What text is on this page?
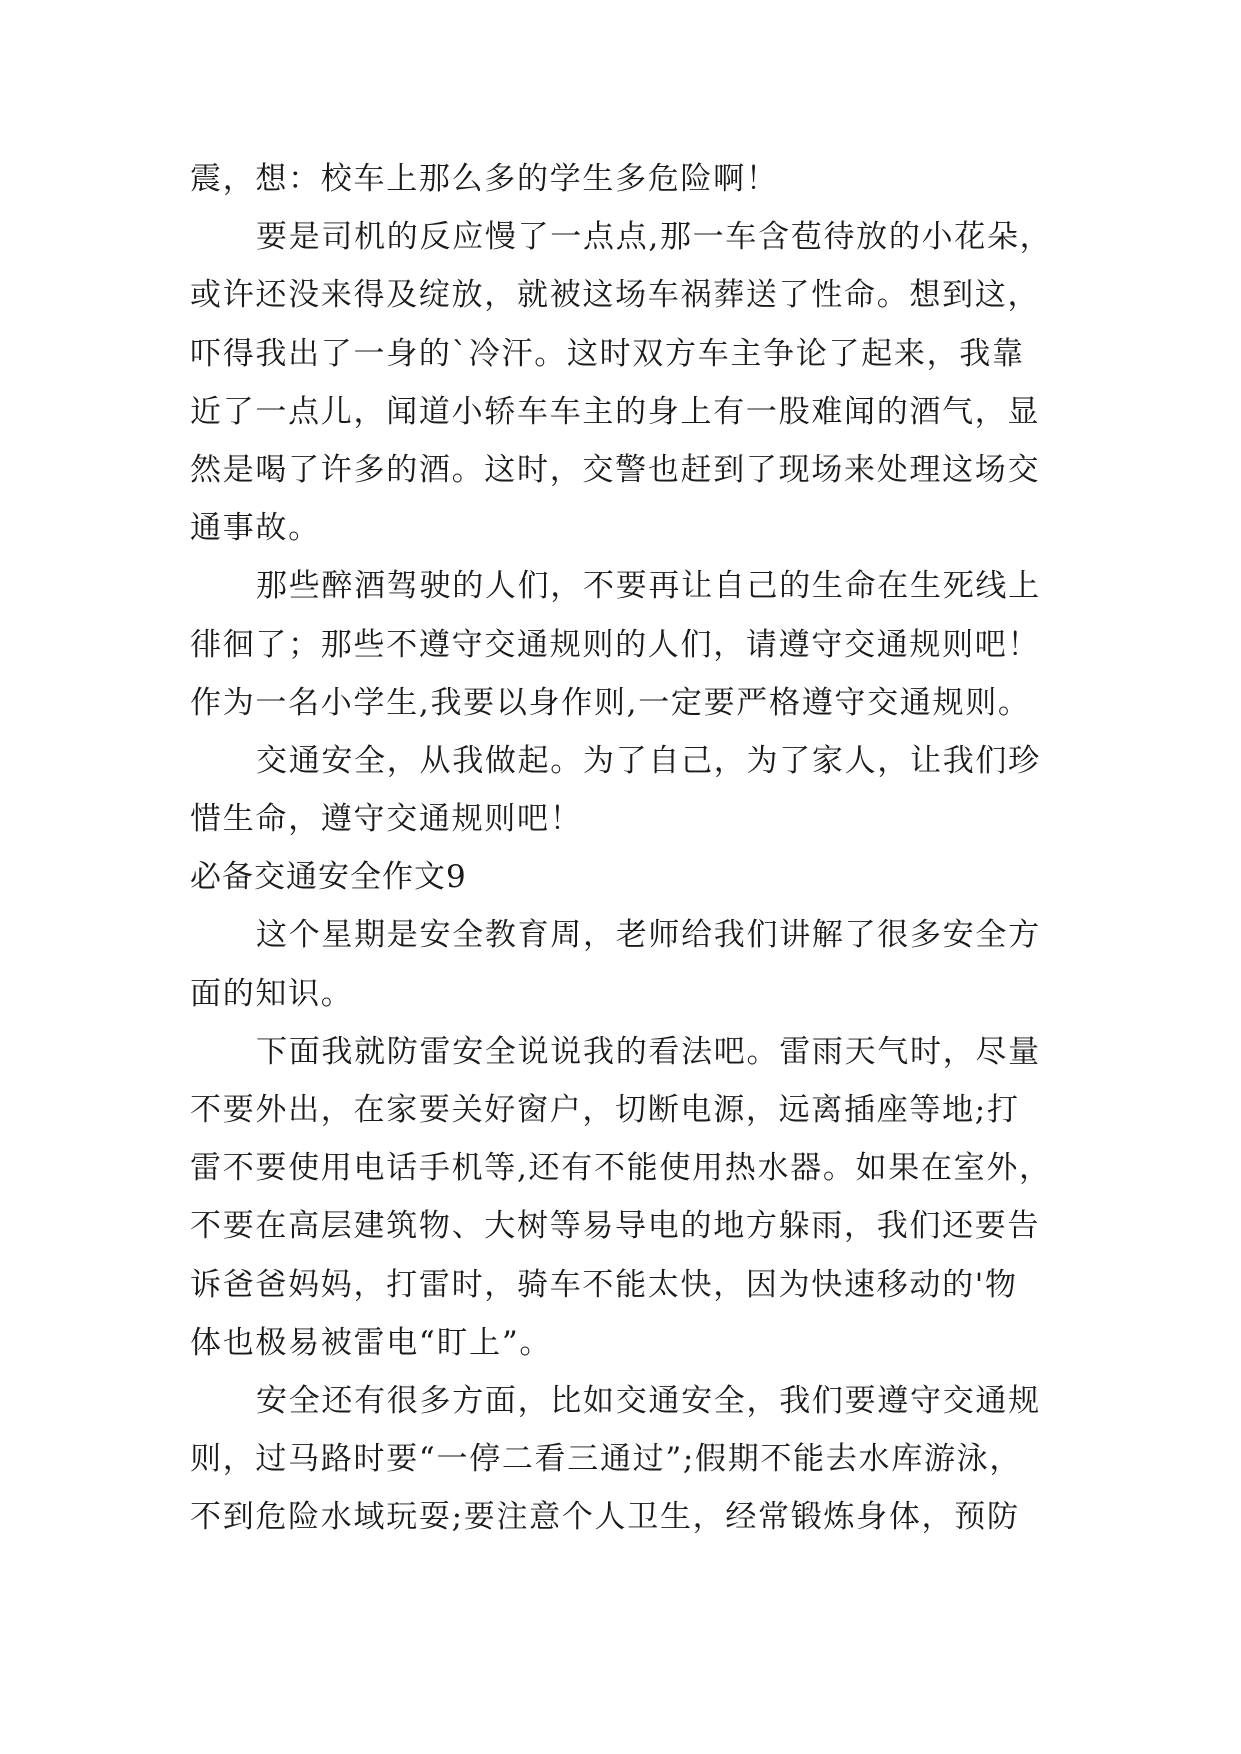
震，想：校车上那么多的学生多危险啊！
要是司机的反应慢了一点点,那一车含苞待放的小花朵，
或许还没来得及绽放，就被这场车祸葬送了性命。想到这，
吓得我出了一身的`冷汗。这时双方车主争论了起来，我靠
近了一点儿，闻道小轿车车主的身上有一股难闻的酒气，显
然是喝了许多的酒。这时，交警也赶到了现场来处理这场交
通事故。
那些醉酒驾驶的人们，不要再让自己的生命在生死线上
徘徊了；那些不遵守交通规则的人们，请遵守交通规则吧！
作为一名小学生,我要以身作则,一定要严格遵守交通规则。
交通安全，从我做起。为了自己，为了家人，让我们珍
惜生命，遵守交通规则吧！
必备交通安全作文9
这个星期是安全教育周，老师给我们讲解了很多安全方
面的知识。
下面我就防雷安全说说我的看法吧。雷雨天气时，尽量
不要外出，在家要关好窗户，切断电源，远离插座等地;打
雷不要使用电话手机等,还有不能使用热水器。如果在室外，
不要在高层建筑物、大树等易导电的地方躲雨，我们还要告
诉爸爸妈妈，打雷时，骑车不能太快，因为快速移动的'物
体也极易被雷电“盯上”。
安全还有很多方面，比如交通安全，我们要遵守交通规
则，过马路时要“一停二看三通过”;假期不能去水库游泳，
不到危险水域玩耍;要注意个人卫生，经常锻炼身体，预防
